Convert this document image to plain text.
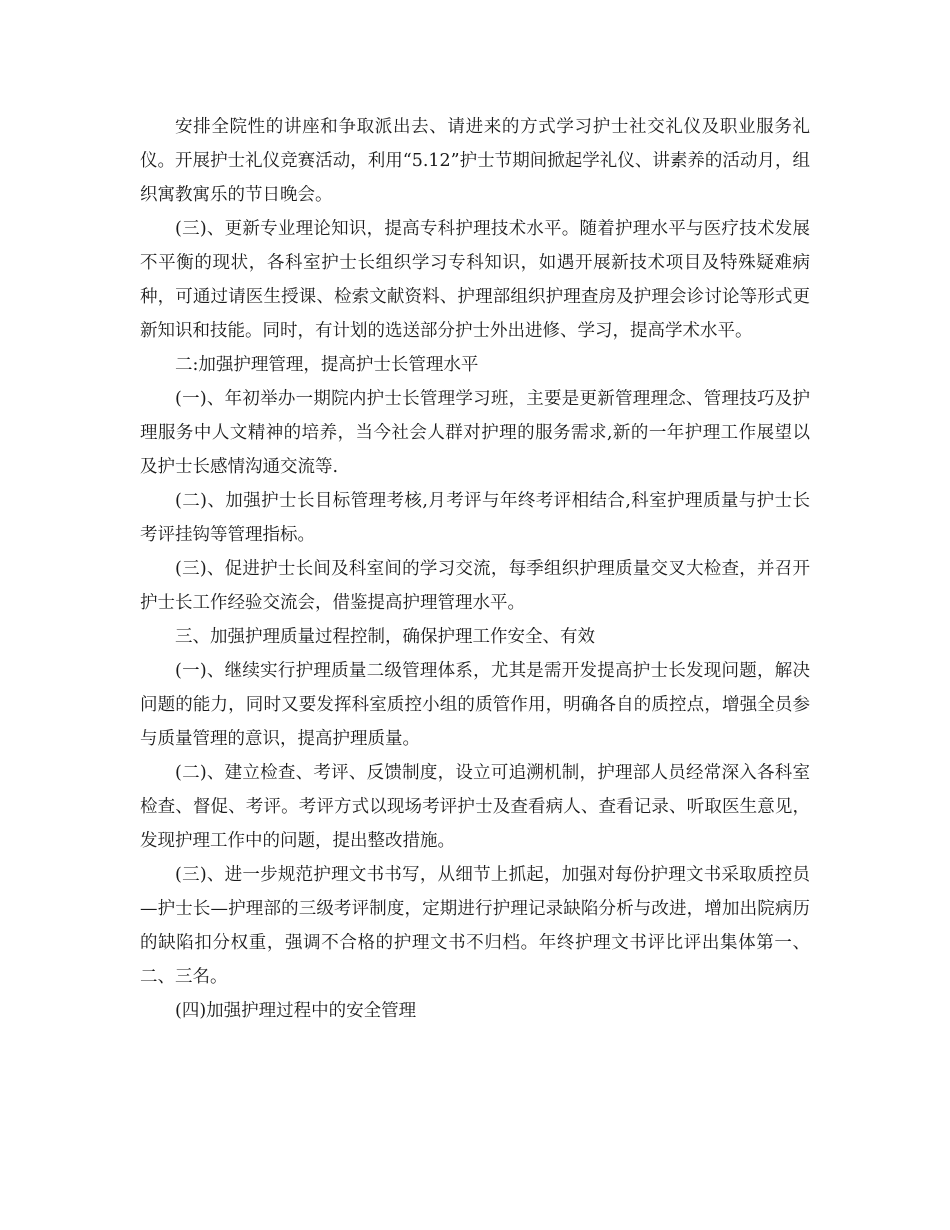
安排全院性的讲座和争取派出去、请进来的方式学习护士社交礼仪及职业服务礼仪。开展护士礼仪竞赛活动，利用“5.12”护士节期间掀起学礼仪、讲素养的活动月，组织寓教寓乐的节日晚会。

(三)、更新专业理论知识，提高专科护理技术水平。随着护理水平与医疗技术发展不平衡的现状，各科室护士长组织学习专科知识，如遇开展新技术项目及特殊疑难病种，可通过请医生授课、检索文献资料、护理部组织护理查房及护理会诊讨论等形式更新知识和技能。同时，有计划的选送部分护士外出进修、学习，提高学术水平。

二:加强护理管理，提高护士长管理水平

(一)、年初举办一期院内护士长管理学习班，主要是更新管理理念、管理技巧及护理服务中人文精神的培养，当今社会人群对护理的服务需求,新的一年护理工作展望以及护士长感情沟通交流等.

(二)、加强护士长目标管理考核,月考评与年终考评相结合,科室护理质量与护士长考评挂钩等管理指标。

(三)、促进护士长间及科室间的学习交流，每季组织护理质量交叉大检查，并召开护士长工作经验交流会，借鉴提高护理管理水平。

三、加强护理质量过程控制，确保护理工作安全、有效

(一)、继续实行护理质量二级管理体系，尤其是需开发提高护士长发现问题，解决问题的能力，同时又要发挥科室质控小组的质管作用，明确各自的质控点，增强全员参与质量管理的意识，提高护理质量。

(二)、建立检查、考评、反馈制度，设立可追溯机制，护理部人员经常深入各科室检查、督促、考评。考评方式以现场考评护士及查看病人、查看记录、听取医生意见，发现护理工作中的问题，提出整改措施。

(三)、进一步规范护理文书书写，从细节上抓起，加强对每份护理文书采取质控员—护士长—护理部的三级考评制度，定期进行护理记录缺陷分析与改进，增加出院病历的缺陷扣分权重，强调不合格的护理文书不归档。年终护理文书评比评出集体第一、二、三名。

(四)加强护理过程中的安全管理
